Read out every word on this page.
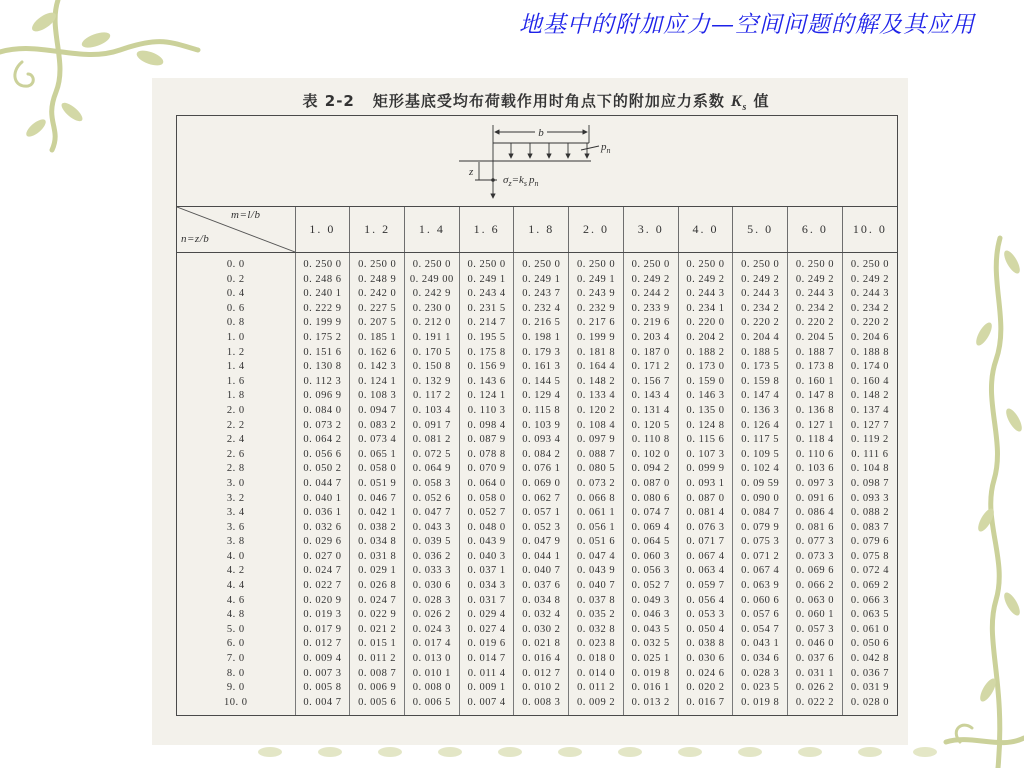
地基中的附加应力—空间问题的解及其应用
表 2-2 矩形基底受均布荷载作用时角点下的附加应力系数 $K_s$ 值
b
$p_n$
z
$\sigma_z=k_s$ $p_n$
m=l/b
n=z/b	1. 0	1. 2	1. 4	1. 6	1. 8	2. 0	3. 0	4. 0	5. 0	6. 0	10. 0
0. 0	0. 250 0	0. 250 0	0. 250 0	0. 250 0	0. 250 0	0. 250 0	0. 250 0	0. 250 0	0. 250 0	0. 250 0	0. 250 0
0. 2	0. 248 6	0. 248 9	0. 249 00	0. 249 1	0. 249 1	0. 249 1	0. 249 2	0. 249 2	0. 249 2	0. 249 2	0. 249 2
0. 4	0. 240 1	0. 242 0	0. 242 9	0. 243 4	0. 243 7	0. 243 9	0. 244 2	0. 244 3	0. 244 3	0. 244 3	0. 244 3
0. 6	0. 222 9	0. 227 5	0. 230 0	0. 231 5	0. 232 4	0. 232 9	0. 233 9	0. 234 1	0. 234 2	0. 234 2	0. 234 2
0. 8	0. 199 9	0. 207 5	0. 212 0	0. 214 7	0. 216 5	0. 217 6	0. 219 6	0. 220 0	0. 220 2	0. 220 2	0. 220 2
1. 0	0. 175 2	0. 185 1	0. 191 1	0. 195 5	0. 198 1	0. 199 9	0. 203 4	0. 204 2	0. 204 4	0. 204 5	0. 204 6
1. 2	0. 151 6	0. 162 6	0. 170 5	0. 175 8	0. 179 3	0. 181 8	0. 187 0	0. 188 2	0. 188 5	0. 188 7	0. 188 8
1. 4	0. 130 8	0. 142 3	0. 150 8	0. 156 9	0. 161 3	0. 164 4	0. 171 2	0. 173 0	0. 173 5	0. 173 8	0. 174 0
1. 6	0. 112 3	0. 124 1	0. 132 9	0. 143 6	0. 144 5	0. 148 2	0. 156 7	0. 159 0	0. 159 8	0. 160 1	0. 160 4
1. 8	0. 096 9	0. 108 3	0. 117 2	0. 124 1	0. 129 4	0. 133 4	0. 143 4	0. 146 3	0. 147 4	0. 147 8	0. 148 2
2. 0	0. 084 0	0. 094 7	0. 103 4	0. 110 3	0. 115 8	0. 120 2	0. 131 4	0. 135 0	0. 136 3	0. 136 8	0. 137 4
2. 2	0. 073 2	0. 083 2	0. 091 7	0. 098 4	0. 103 9	0. 108 4	0. 120 5	0. 124 8	0. 126 4	0. 127 1	0. 127 7
2. 4	0. 064 2	0. 073 4	0. 081 2	0. 087 9	0. 093 4	0. 097 9	0. 110 8	0. 115 6	0. 117 5	0. 118 4	0. 119 2
2. 6	0. 056 6	0. 065 1	0. 072 5	0. 078 8	0. 084 2	0. 088 7	0. 102 0	0. 107 3	0. 109 5	0. 110 6	0. 111 6
2. 8	0. 050 2	0. 058 0	0. 064 9	0. 070 9	0. 076 1	0. 080 5	0. 094 2	0. 099 9	0. 102 4	0. 103 6	0. 104 8
3. 0	0. 044 7	0. 051 9	0. 058 3	0. 064 0	0. 069 0	0. 073 2	0. 087 0	0. 093 1	0. 09 59	0. 097 3	0. 098 7
3. 2	0. 040 1	0. 046 7	0. 052 6	0. 058 0	0. 062 7	0. 066 8	0. 080 6	0. 087 0	0. 090 0	0. 091 6	0. 093 3
3. 4	0. 036 1	0. 042 1	0. 047 7	0. 052 7	0. 057 1	0. 061 1	0. 074 7	0. 081 4	0. 084 7	0. 086 4	0. 088 2
3. 6	0. 032 6	0. 038 2	0. 043 3	0. 048 0	0. 052 3	0. 056 1	0. 069 4	0. 076 3	0. 079 9	0. 081 6	0. 083 7
3. 8	0. 029 6	0. 034 8	0. 039 5	0. 043 9	0. 047 9	0. 051 6	0. 064 5	0. 071 7	0. 075 3	0. 077 3	0. 079 6
4. 0	0. 027 0	0. 031 8	0. 036 2	0. 040 3	0. 044 1	0. 047 4	0. 060 3	0. 067 4	0. 071 2	0. 073 3	0. 075 8
4. 2	0. 024 7	0. 029 1	0. 033 3	0. 037 1	0. 040 7	0. 043 9	0. 056 3	0. 063 4	0. 067 4	0. 069 6	0. 072 4
4. 4	0. 022 7	0. 026 8	0. 030 6	0. 034 3	0. 037 6	0. 040 7	0. 052 7	0. 059 7	0. 063 9	0. 066 2	0. 069 2
4. 6	0. 020 9	0. 024 7	0. 028 3	0. 031 7	0. 034 8	0. 037 8	0. 049 3	0. 056 4	0. 060 6	0. 063 0	0. 066 3
4. 8	0. 019 3	0. 022 9	0. 026 2	0. 029 4	0. 032 4	0. 035 2	0. 046 3	0. 053 3	0. 057 6	0. 060 1	0. 063 5
5. 0	0. 017 9	0. 021 2	0. 024 3	0. 027 4	0. 030 2	0. 032 8	0. 043 5	0. 050 4	0. 054 7	0. 057 3	0. 061 0
6. 0	0. 012 7	0. 015 1	0. 017 4	0. 019 6	0. 021 8	0. 023 8	0. 032 5	0. 038 8	0. 043 1	0. 046 0	0. 050 6
7. 0	0. 009 4	0. 011 2	0. 013 0	0. 014 7	0. 016 4	0. 018 0	0. 025 1	0. 030 6	0. 034 6	0. 037 6	0. 042 8
8. 0	0. 007 3	0. 008 7	0. 010 1	0. 011 4	0. 012 7	0. 014 0	0. 019 8	0. 024 6	0. 028 3	0. 031 1	0. 036 7
9. 0	0. 005 8	0. 006 9	0. 008 0	0. 009 1	0. 010 2	0. 011 2	0. 016 1	0. 020 2	0. 023 5	0. 026 2	0. 031 9
10. 0	0. 004 7	0. 005 6	0. 006 5	0. 007 4	0. 008 3	0. 009 2	0. 013 2	0. 016 7	0. 019 8	0. 022 2	0. 028 0
